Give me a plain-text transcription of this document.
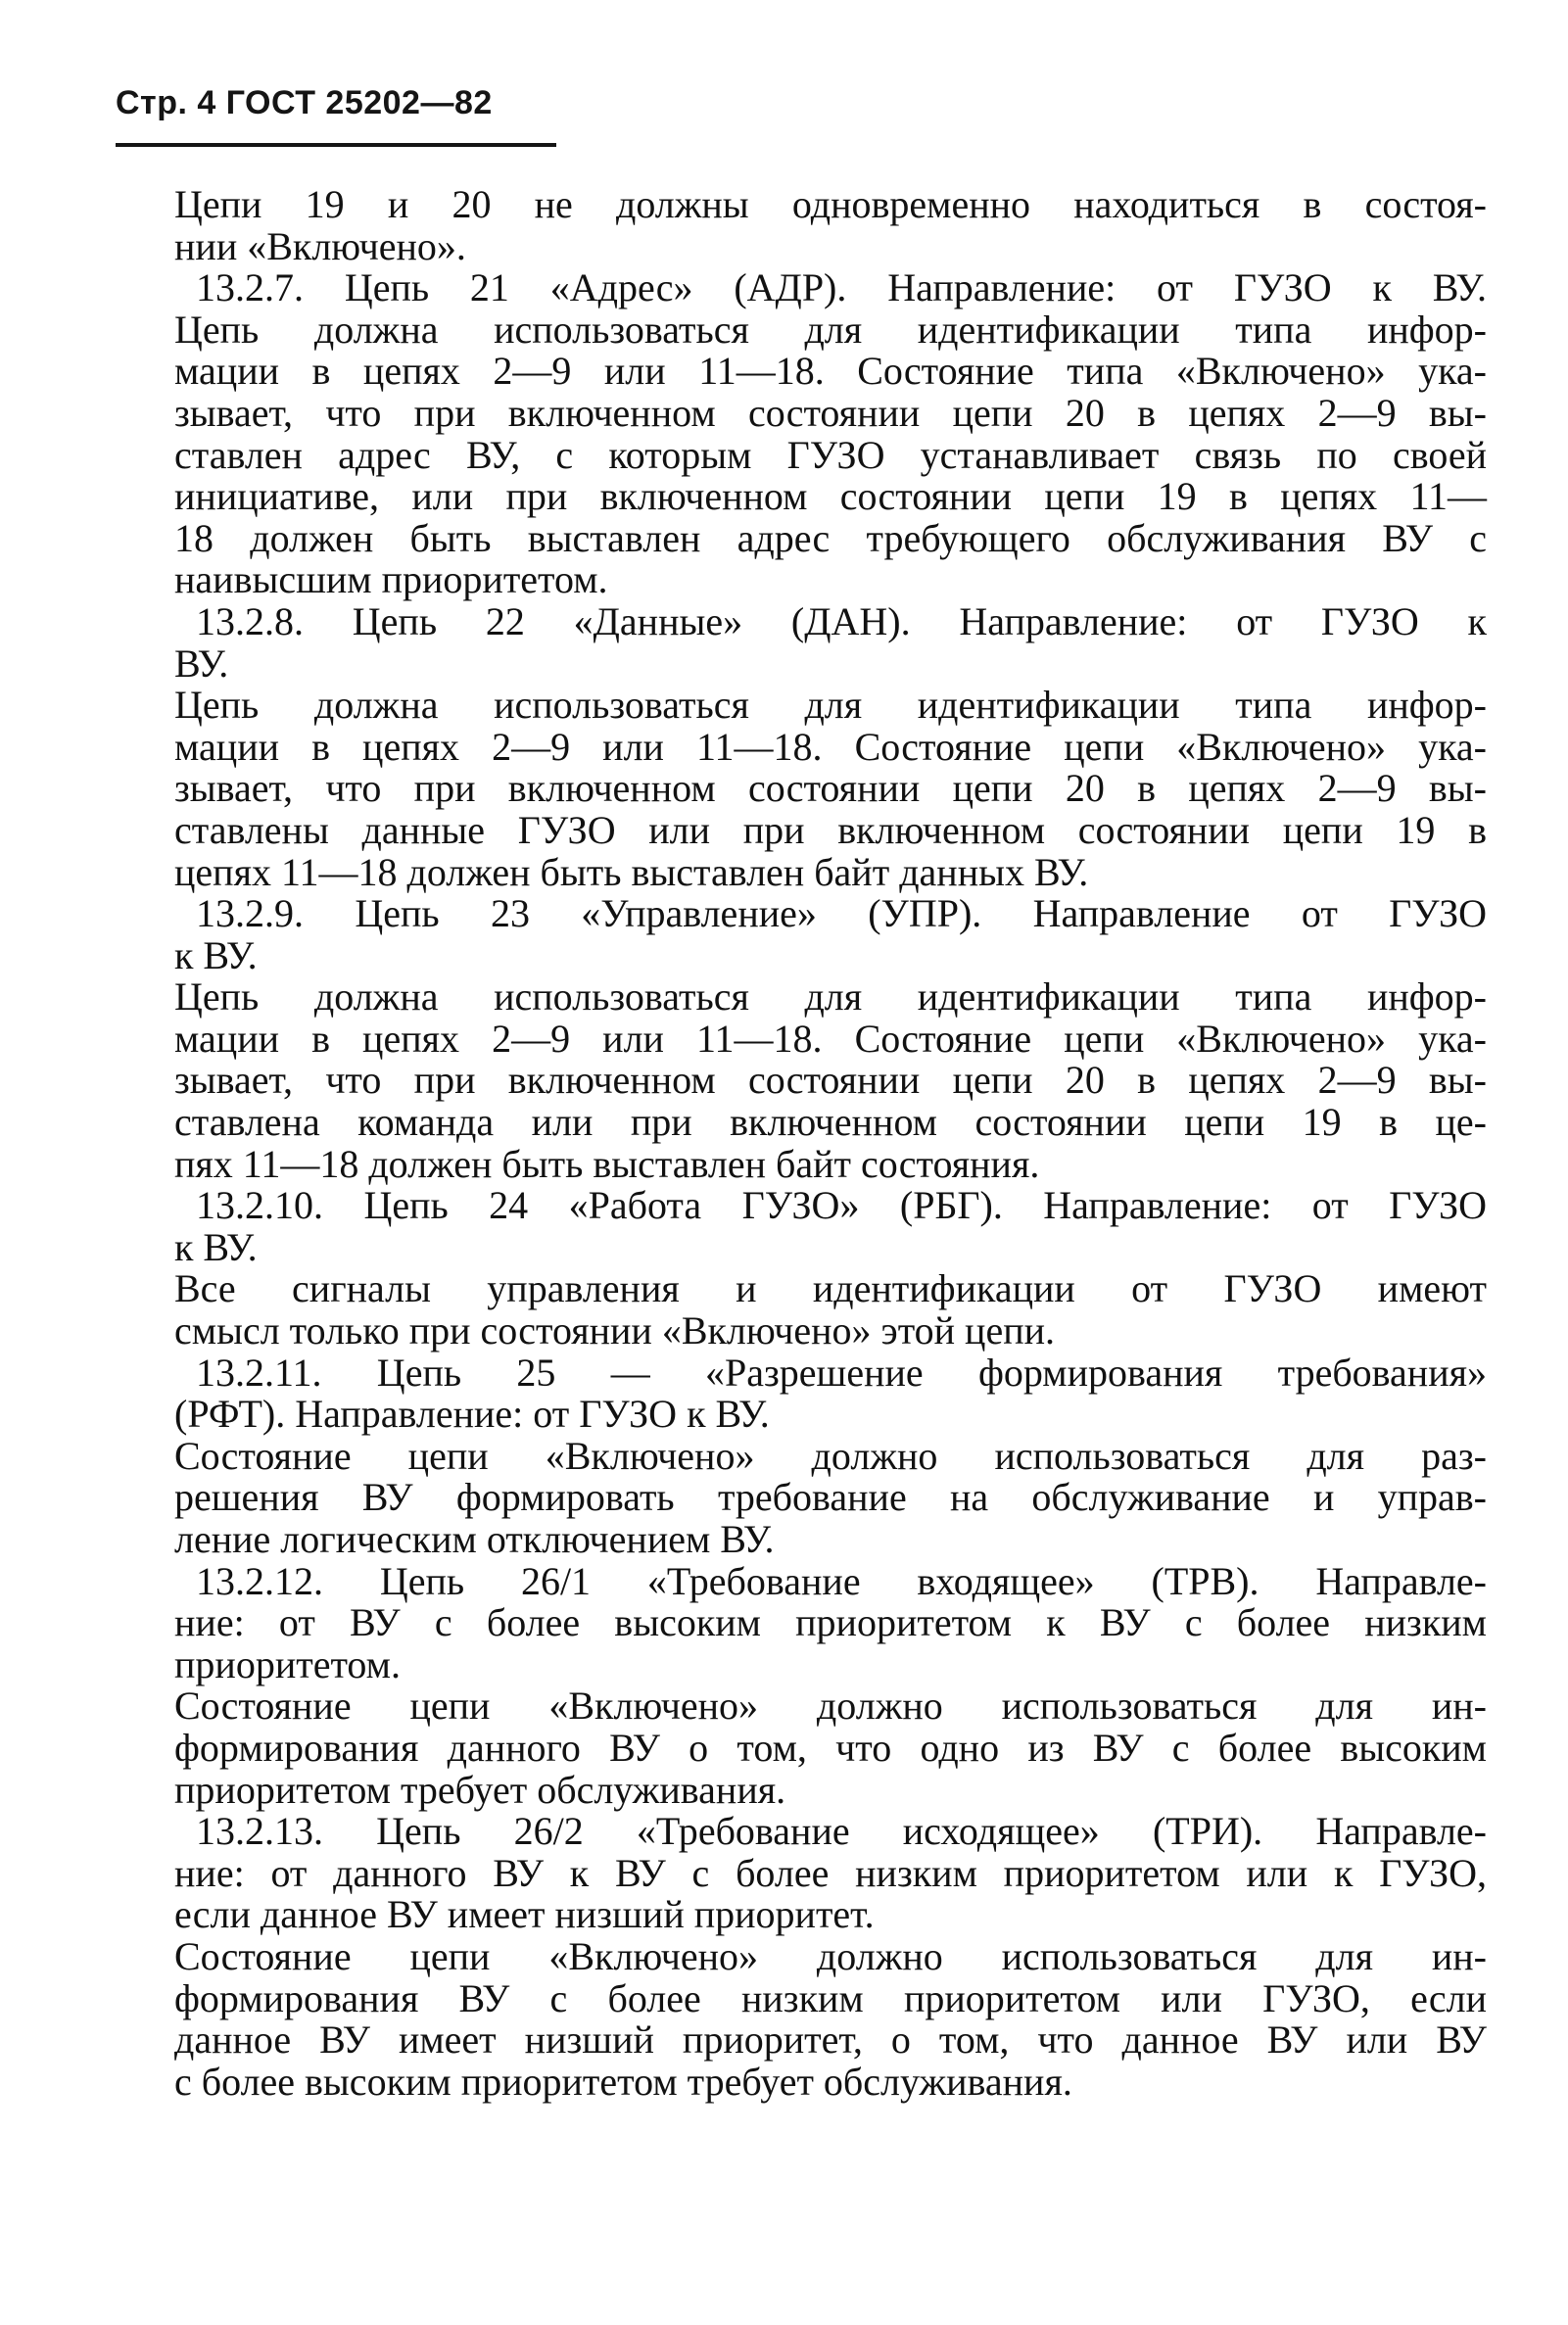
Стр. 4 ГОСТ 25202—82
Цепи 19 и 20 не должны одновременно находиться в состоя-
нии «Включено».
13.2.7. Цепь 21 «Адрес» (АДР). Направление: от ГУЗО к ВУ.
Цепь должна использоваться для идентификации типа инфор-
мации в цепях 2—9 или 11—18. Состояние типа «Включено» ука-
зывает, что при включенном состоянии цепи 20 в цепях 2—9 вы-
ставлен адрес ВУ, с которым ГУЗО устанавливает связь по своей
инициативе, или при включенном состоянии цепи 19 в цепях 11—
18 должен быть выставлен адрес требующего обслуживания ВУ с
наивысшим приоритетом.
13.2.8. Цепь 22 «Данные» (ДАН). Направление: от ГУЗО к
ВУ.
Цепь должна использоваться для идентификации типа инфор-
мации в цепях 2—9 или 11—18. Состояние цепи «Включено» ука-
зывает, что при включенном состоянии цепи 20 в цепях 2—9 вы-
ставлены данные ГУЗО или при включенном состоянии цепи 19 в
цепях 11—18 должен быть выставлен байт данных ВУ.
13.2.9. Цепь 23 «Управление» (УПР). Направление от ГУЗО
к ВУ.
Цепь должна использоваться для идентификации типа инфор-
мации в цепях 2—9 или 11—18. Состояние цепи «Включено» ука-
зывает, что при включенном состоянии цепи 20 в цепях 2—9 вы-
ставлена команда или при включенном состоянии цепи 19 в це-
пях 11—18 должен быть выставлен байт состояния.
13.2.10. Цепь 24 «Работа ГУЗО» (РБГ). Направление: от ГУЗО
к ВУ.
Все сигналы управления и идентификации от ГУЗО имеют
смысл только при состоянии «Включено» этой цепи.
13.2.11. Цепь 25 — «Разрешение формирования требования»
(РФТ). Направление: от ГУЗО к ВУ.
Состояние цепи «Включено» должно использоваться для раз-
решения ВУ формировать требование на обслуживание и управ-
ление логическим отключением ВУ.
13.2.12. Цепь 26/1 «Требование входящее» (ТРВ). Направле-
ние: от ВУ с более высоким приоритетом к ВУ с более низким
приоритетом.
Состояние цепи «Включено» должно использоваться для ин-
формирования данного ВУ о том, что одно из ВУ с более высоким
приоритетом требует обслуживания.
13.2.13. Цепь 26/2 «Требование исходящее» (ТРИ). Направле-
ние: от данного ВУ к ВУ с более низким приоритетом или к ГУЗО,
если данное ВУ имеет низший приоритет.
Состояние цепи «Включено» должно использоваться для ин-
формирования ВУ с более низким приоритетом или ГУЗО, если
данное ВУ имеет низший приоритет, о том, что данное ВУ или ВУ
с более высоким приоритетом требует обслуживания.
